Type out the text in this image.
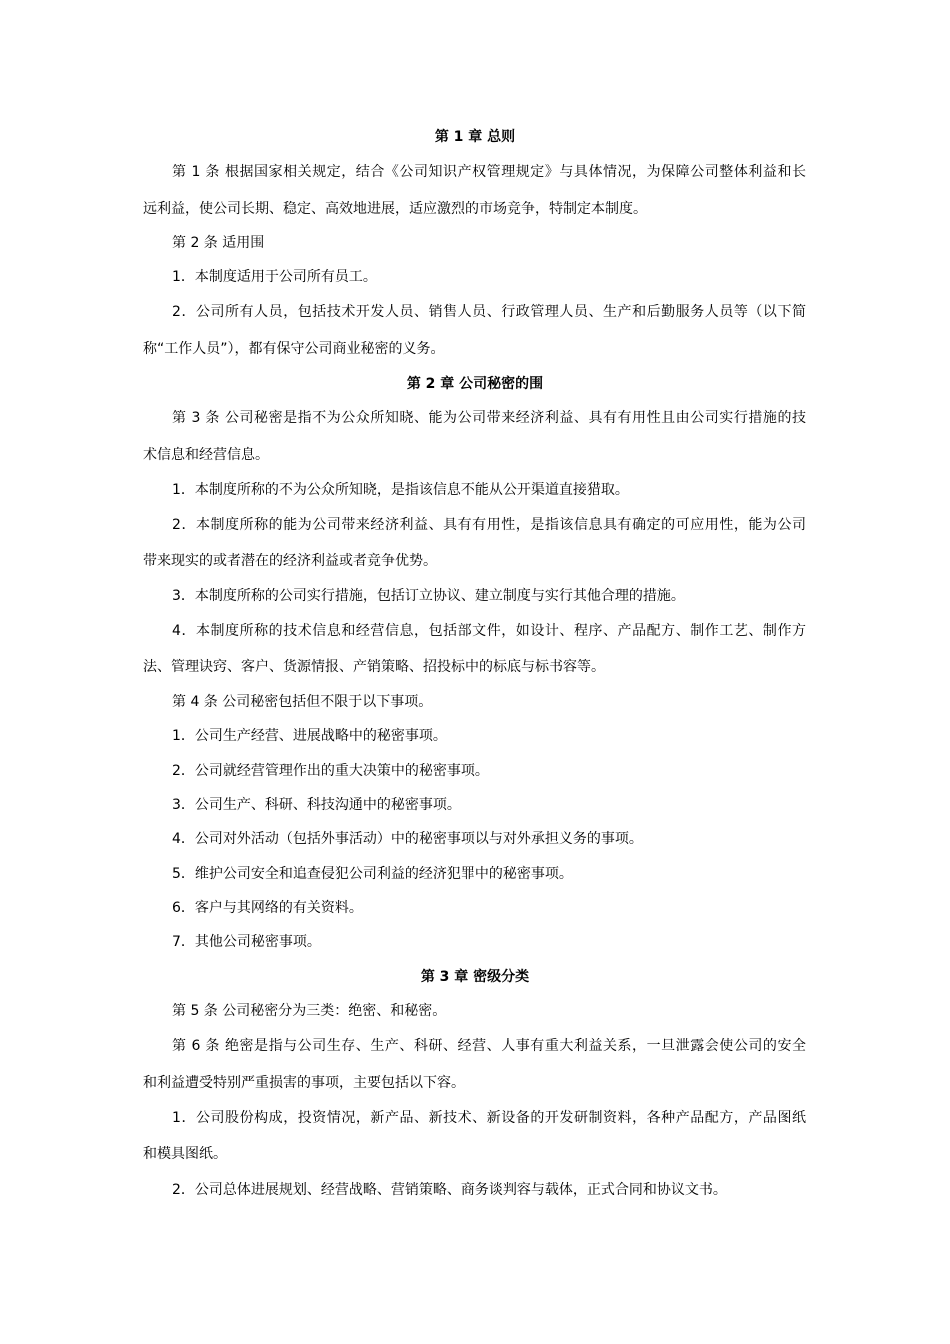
第 1 章 总则
第 1 条 根据国家相关规定，结合《公司知识产权管理规定》与具体情况，为保障公司整体利益和长
远利益，使公司长期、稳定、高效地进展，适应激烈的市场竞争，特制定本制度。
第 2 条 适用围
1．本制度适用于公司所有员工。
2．公司所有人员，包括技术开发人员、销售人员、行政管理人员、生产和后勤服务人员等（以下简
称“工作人员”），都有保守公司商业秘密的义务。
第 2 章 公司秘密的围
第 3 条 公司秘密是指不为公众所知晓、能为公司带来经济利益、具有有用性且由公司实行措施的技
术信息和经营信息。
1．本制度所称的不为公众所知晓，是指该信息不能从公开渠道直接猎取。
2．本制度所称的能为公司带来经济利益、具有有用性，是指该信息具有确定的可应用性，能为公司
带来现实的或者潜在的经济利益或者竞争优势。
3．本制度所称的公司实行措施，包括订立协议、建立制度与实行其他合理的措施。
4．本制度所称的技术信息和经营信息，包括部文件，如设计、程序、产品配方、制作工艺、制作方
法、管理诀窍、客户、货源情报、产销策略、招投标中的标底与标书容等。
第 4 条 公司秘密包括但不限于以下事项。
1．公司生产经营、进展战略中的秘密事项。
2．公司就经营管理作出的重大决策中的秘密事项。
3．公司生产、科研、科技沟通中的秘密事项。
4．公司对外活动（包括外事活动）中的秘密事项以与对外承担义务的事项。
5．维护公司安全和追查侵犯公司利益的经济犯罪中的秘密事项。
6．客户与其网络的有关资料。
7．其他公司秘密事项。
第 3 章 密级分类
第 5 条 公司秘密分为三类：绝密、和秘密。
第 6 条 绝密是指与公司生存、生产、科研、经营、人事有重大利益关系，一旦泄露会使公司的安全
和利益遭受特别严重损害的事项，主要包括以下容。
1．公司股份构成，投资情况，新产品、新技术、新设备的开发研制资料，各种产品配方，产品图纸
和模具图纸。
2．公司总体进展规划、经营战略、营销策略、商务谈判容与载体，正式合同和协议文书。
